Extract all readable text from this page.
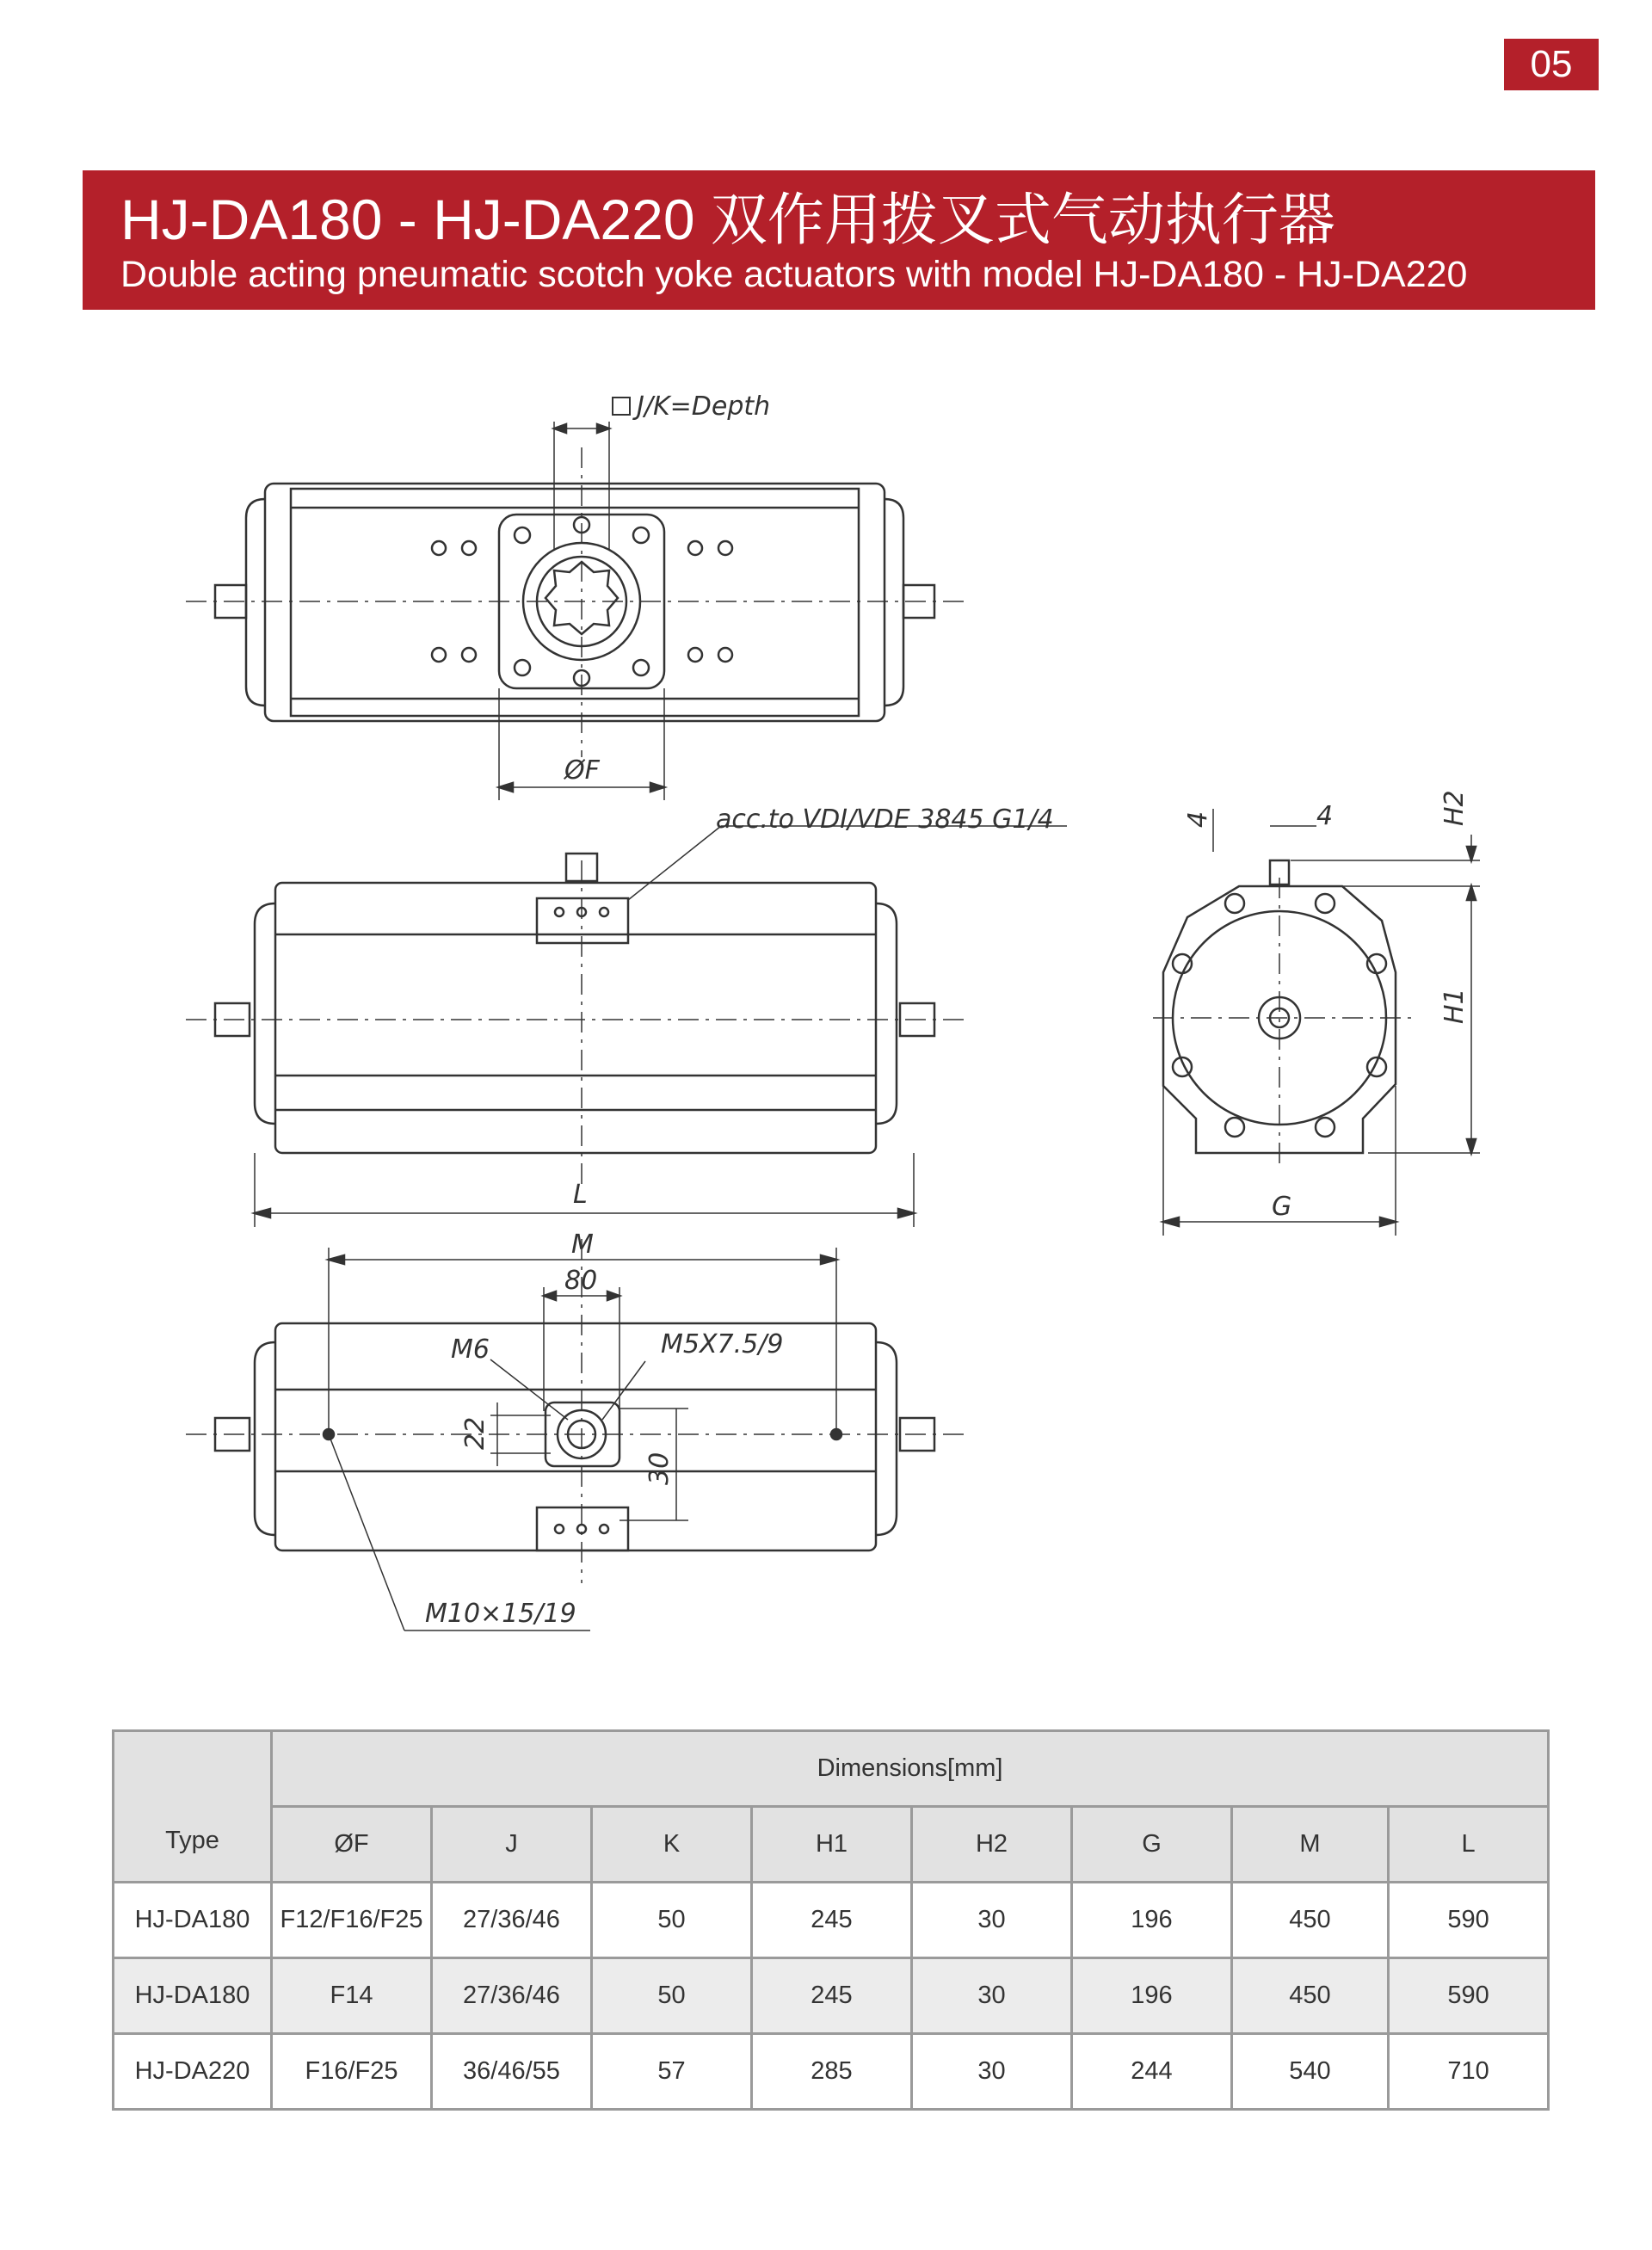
05
HJ-DA180 - HJ-DA220 双作用拨叉式气动执行器
Double acting pneumatic scotch yoke actuators with model HJ-DA180 - HJ-DA220
J/K=Depth
ØF
acc.to VDI/VDE 3845 G1/4
L	G
H1
H2
4	4
M
80
M6	M5X7.5/9
22
30
M10×15/19
Type	Dimensions[mm]							
	ØF	J	K	H1	H2	G	M	L
HJ-DA180	F12/F16/F25	27/36/46	50	245	30	196	450	590
HJ-DA180	F14	27/36/46	50	245	30	196	450	590
HJ-DA220	F16/F25	36/46/55	57	285	30	244	540	710
